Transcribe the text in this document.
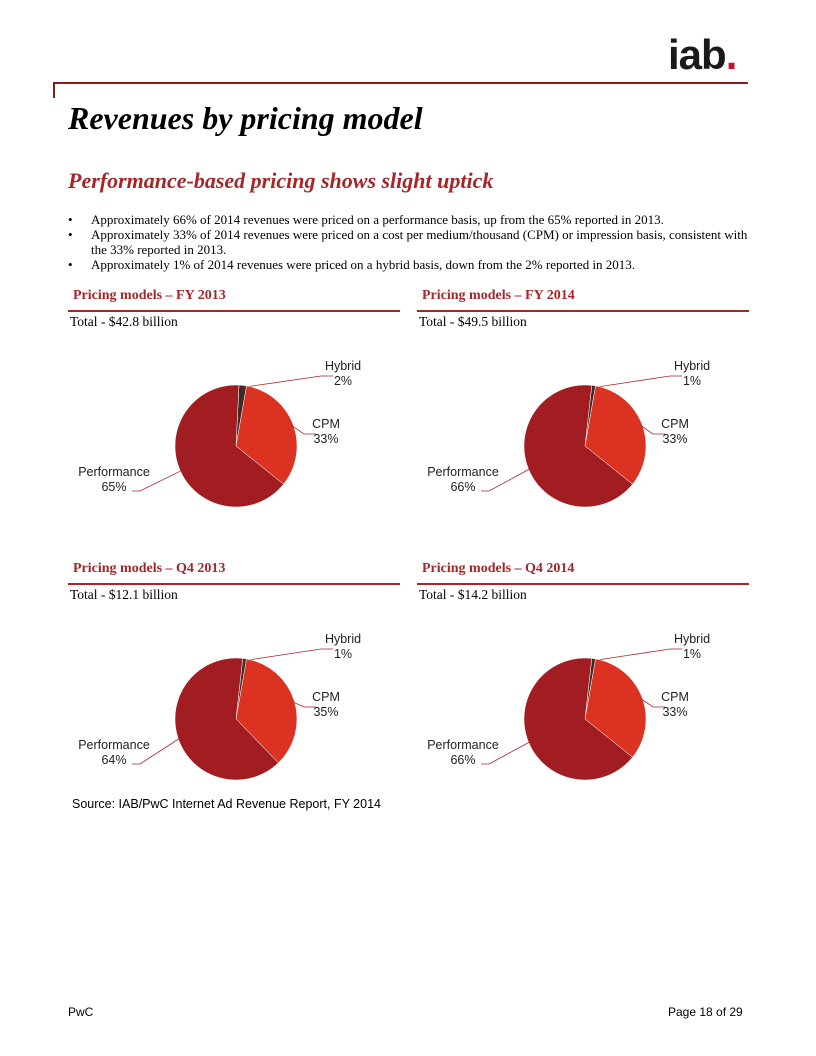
iab.
Revenues by pricing model
Performance-based pricing shows slight uptick
• Approximately 66% of 2014 revenues were priced on a performance basis, up from the 65% reported in 2013.
• Approximately 33% of 2014 revenues were priced on a cost per medium/thousand (CPM) or impression basis, consistent with the 33% reported in 2013.
• Approximately 1% of 2014 revenues were priced on a hybrid basis, down from the 2% reported in 2013.
Pricing models – FY 2013
Total - $42.8 billion
Hybrid
2%
CPM
33%
Performance
65%
Pricing models – FY 2014
Total - $49.5 billion
Hybrid
1%
CPM
33%
Performance
66%
Pricing models – Q4 2013
Total - $12.1 billion
Hybrid
1%
CPM
35%
Performance
64%
Pricing models – Q4 2014
Total - $14.2 billion
Hybrid
1%
CPM
33%
Performance
66%
Source: IAB/PwC Internet Ad Revenue Report, FY 2014
PwC	Page 18 of 29
